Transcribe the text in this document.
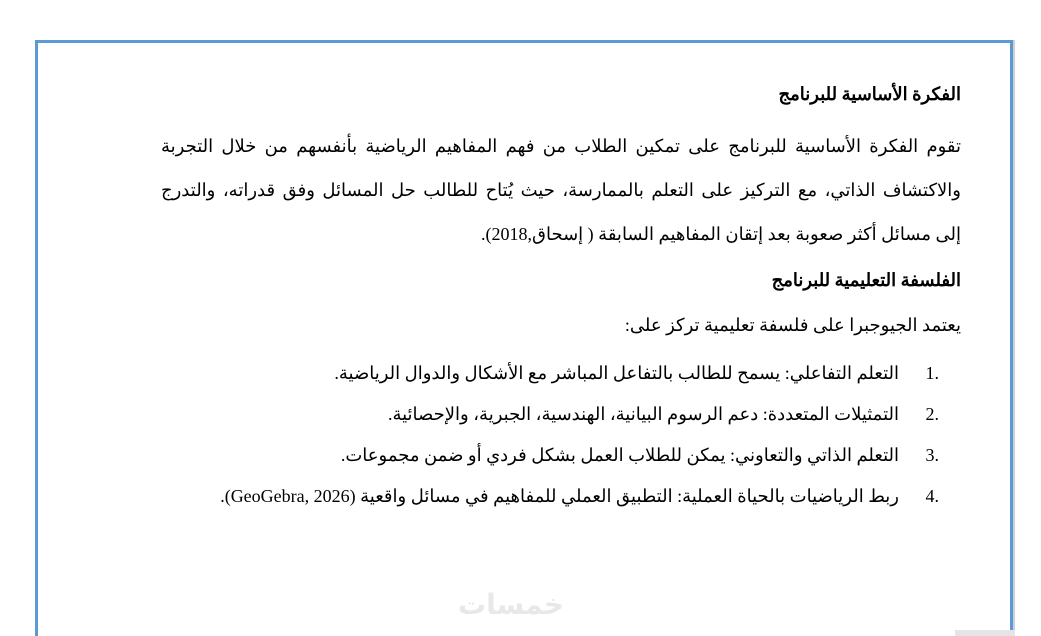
الفكرة الأساسية للبرنامج
تقوم الفكرة الأساسية للبرنامج على تمكين الطلاب من فهم المفاهيم الرياضية بأنفسهم من خلال التجربة
والاكتشاف الذاتي، مع التركيز على التعلم بالممارسة، حيث يُتاح للطالب حل المسائل وفق قدراته، والتدرج
إلى مسائل أكثر صعوبة بعد إتقان المفاهيم السابقة ( إسحاق,2018).
الفلسفة التعليمية للبرنامج
يعتمد الجيوجبرا على فلسفة تعليمية تركز على:
.1
التعلم التفاعلي: يسمح للطالب بالتفاعل المباشر مع الأشكال والدوال الرياضية.
.2
التمثيلات المتعددة: دعم الرسوم البيانية، الهندسية، الجبرية، والإحصائية.
.3
التعلم الذاتي والتعاوني: يمكن للطلاب العمل بشكل فردي أو ضمن مجموعات.
.4
ربط الرياضيات بالحياة العملية: التطبيق العملي للمفاهيم في مسائل واقعية (GeoGebra, 2026).
خمسات
